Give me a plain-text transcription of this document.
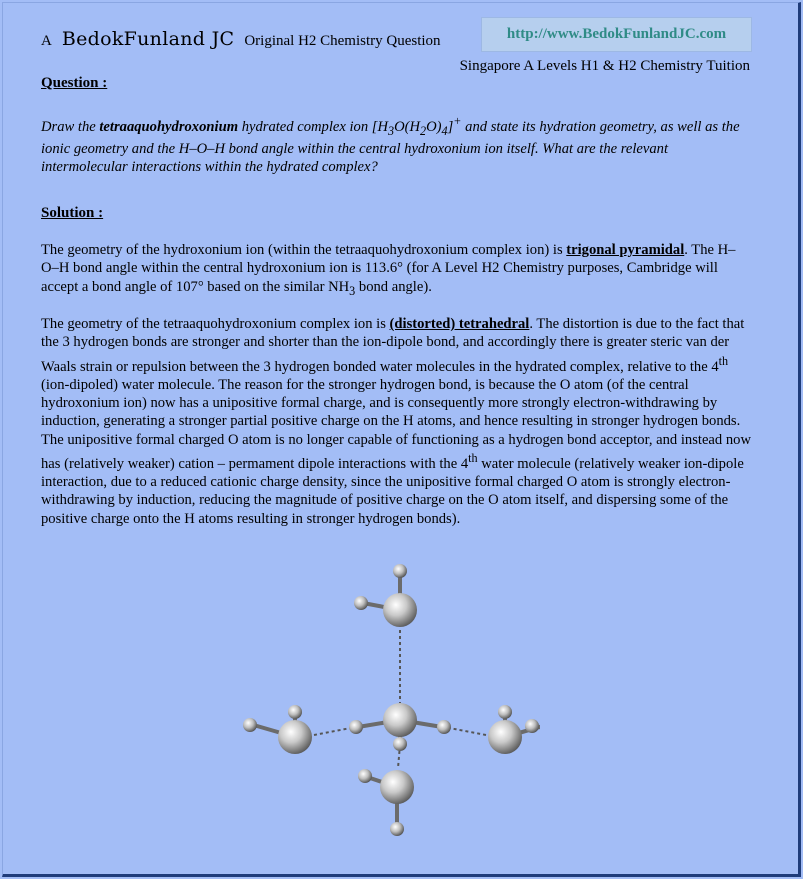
A BedokFunland JC Original H2 Chemistry Question	http://www.BedokFunlandJC.com
Singapore A Levels H1 & H2 Chemistry Tuition
Question :
Draw the tetraaquohydroxonium hydrated complex ion $[H_3O(H_2O)_4]^+$ and state its hydration geometry, as well as the ionic geometry and the H–O–H bond angle within the central hydroxonium ion itself. What are the relevant intermolecular interactions within the hydrated complex?
Solution :
The geometry of the hydroxonium ion (within the tetraaquohydroxonium complex ion) is trigonal pyramidal. The H–O–H bond angle within the central hydroxonium ion is 113.6° (for A Level H2 Chemistry purposes, Cambridge will accept a bond angle of 107° based on the similar $NH_3$ bond angle).
The geometry of the tetraaquohydroxonium complex ion is (distorted) tetrahedral. The distortion is due to the fact that the 3 hydrogen bonds are stronger and shorter than the ion-dipole bond, and accordingly there is greater steric van der Waals strain or repulsion between the 3 hydrogen bonded water molecules in the hydrated complex, relative to the 4th (ion-dipoled) water molecule. The reason for the stronger hydrogen bond, is because the O atom (of the central hydroxonium ion) now has a unipositive formal charge, and is consequently more strongly electron-withdrawing by induction, generating a stronger partial positive charge on the H atoms, and hence resulting in stronger hydrogen bonds. The unipositive formal charged O atom is no longer capable of functioning as a hydrogen bond acceptor, and instead now has (relatively weaker) cation – permament dipole interactions with the 4th water molecule (relatively weaker ion-dipole interaction, due to a reduced cationic charge density, since the unipositive formal charged O atom is strongly electron-withdrawing by induction, reducing the magnitude of positive charge on the O atom itself, and dispersing some of the positive charge onto the H atoms resulting in stronger hydrogen bonds).
